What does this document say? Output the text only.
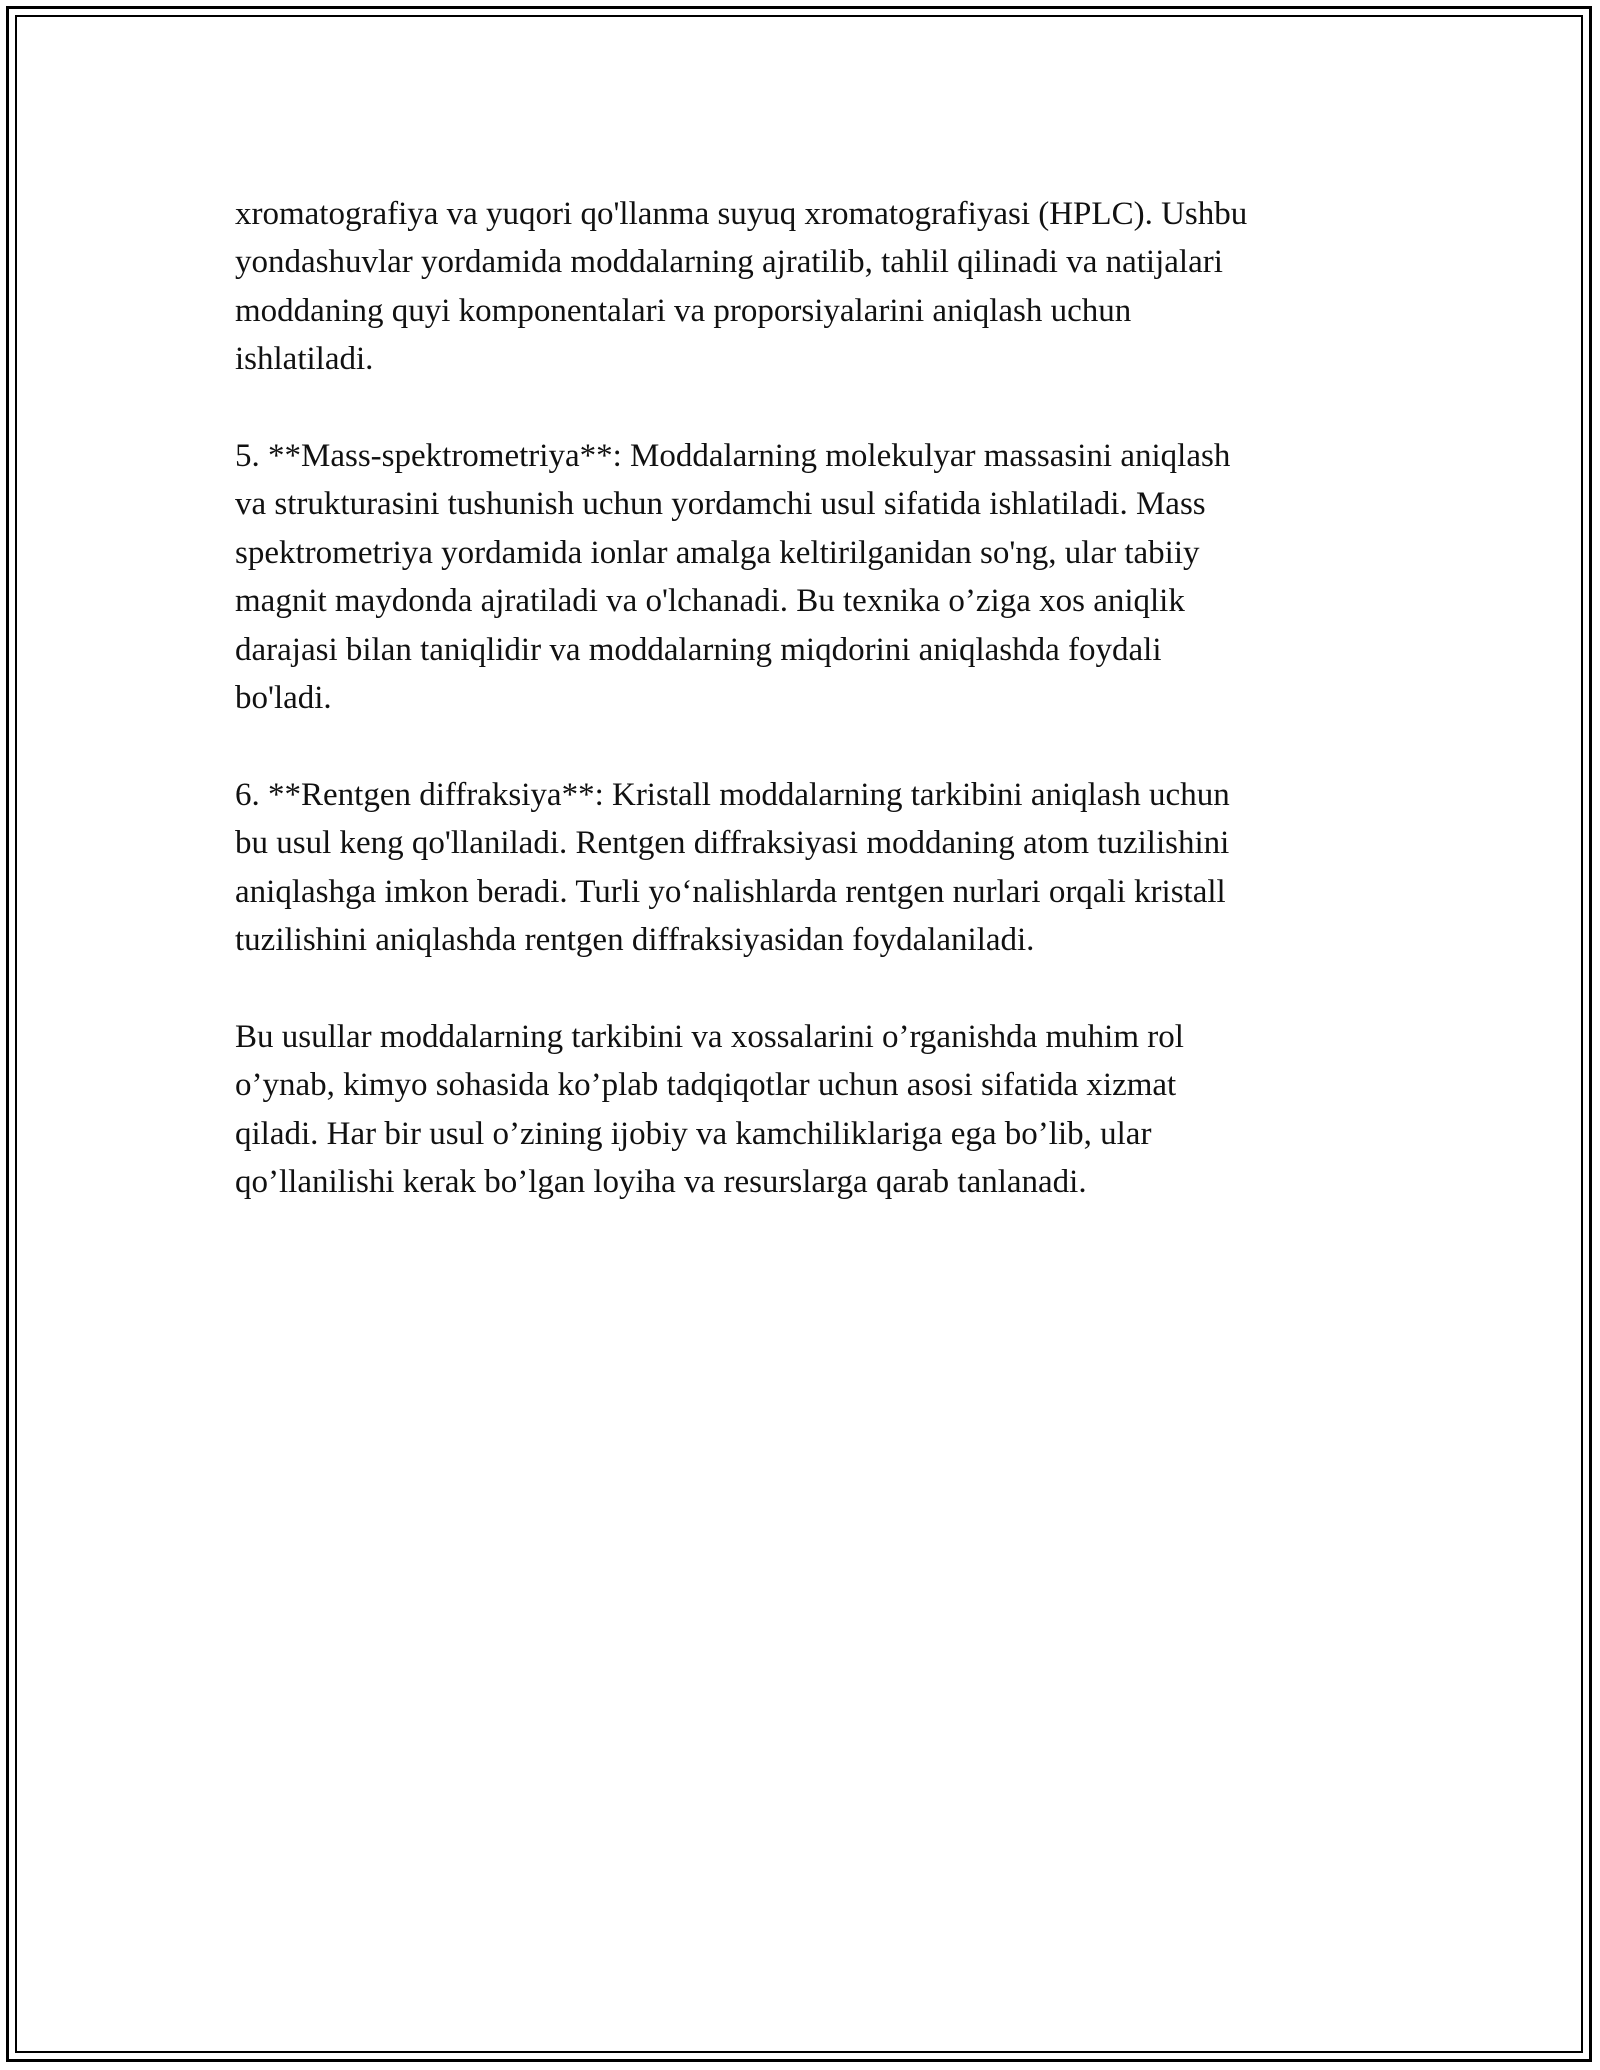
xromatografiya va yuqori qo'llanma suyuq xromatografiyasi (HPLC). Ushbu
yondashuvlar yordamida moddalarning ajratilib, tahlil qilinadi va natijalari
moddaning quyi komponentalari va proporsiyalarini aniqlash uchun
ishlatiladi.

5. **Mass-spektrometriya**: Moddalarning molekulyar massasini aniqlash
va strukturasini tushunish uchun yordamchi usul sifatida ishlatiladi. Mass
spektrometriya yordamida ionlar amalga keltirilganidan so'ng, ular tabiiy
magnit maydonda ajratiladi va o'lchanadi. Bu texnika o’ziga xos aniqlik
darajasi bilan taniqlidir va moddalarning miqdorini aniqlashda foydali
bo'ladi.

6. **Rentgen diffraksiya**: Kristall moddalarning tarkibini aniqlash uchun
bu usul keng qo'llaniladi. Rentgen diffraksiyasi moddaning atom tuzilishini
aniqlashga imkon beradi. Turli yo‘nalishlarda rentgen nurlari orqali kristall
tuzilishini aniqlashda rentgen diffraksiyasidan foydalaniladi.

Bu usullar moddalarning tarkibini va xossalarini o’rganishda muhim rol
o’ynab, kimyo sohasida ko’plab tadqiqotlar uchun asosi sifatida xizmat
qiladi. Har bir usul o’zining ijobiy va kamchiliklariga ega bo’lib, ular
qo’llanilishi kerak bo’lgan loyiha va resurslarga qarab tanlanadi.
